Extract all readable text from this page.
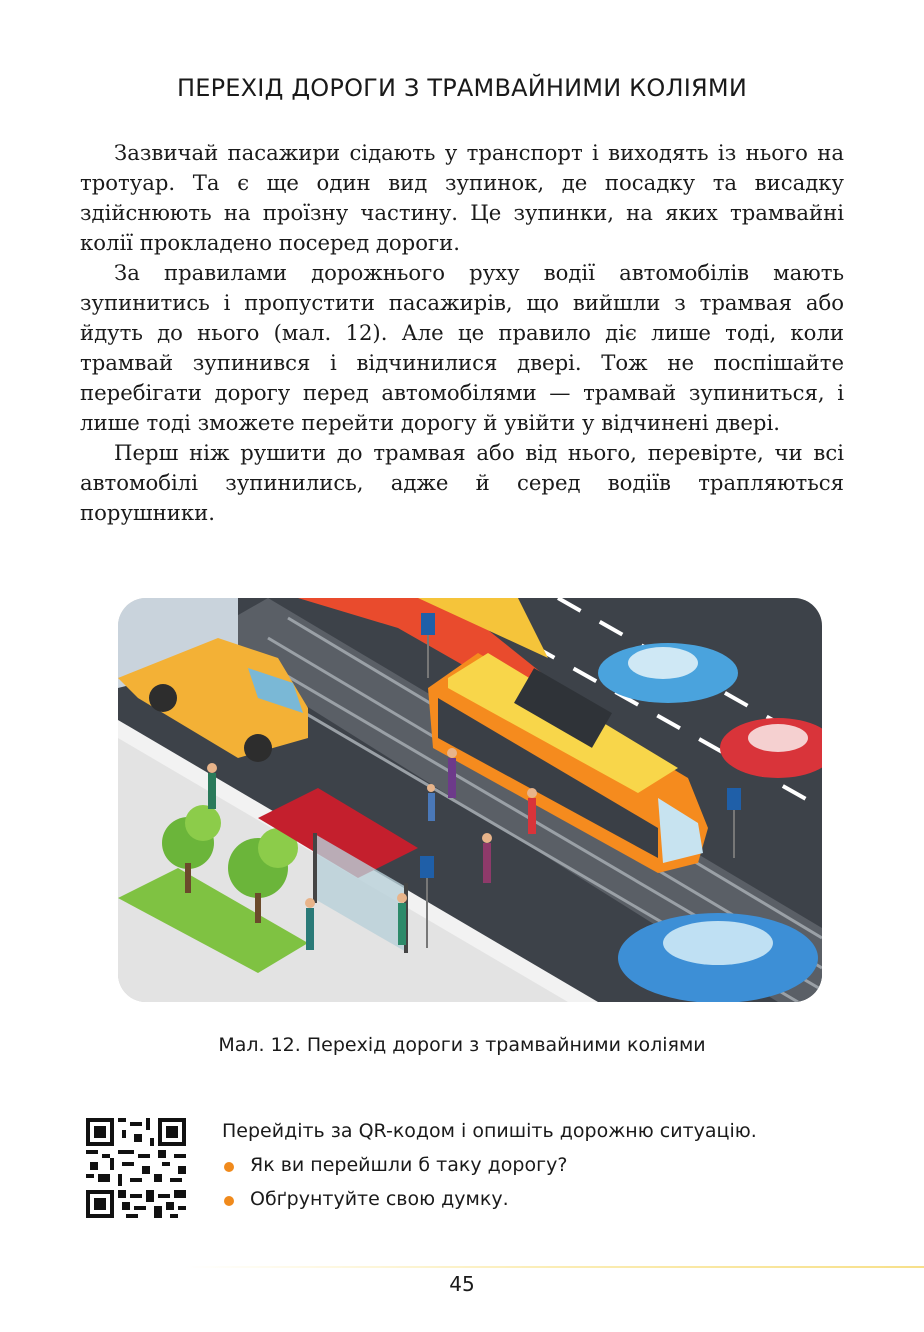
ПЕРЕХІД ДОРОГИ З ТРАМВАЙНИМИ КОЛІЯМИ

Зазвичай пасажири сідають у транспорт і виходять із нього на тротуар. Та є ще один вид зупинок, де посадку та висадку здійснюють на проїзну частину. Це зупинки, на яких трамвайні колії прокладено посеред дороги.

За правилами дорожнього руху водії автомобілів мають зупинитись і пропустити пасажирів, що вийшли з трамвая або йдуть до нього (мал. 12). Але це правило діє лише тоді, коли трамвай зупинився і відчинилися двері. Тож не поспішайте перебігати дорогу перед автомобілями — трамвай зупиниться, і лише тоді зможете перейти дорогу й увійти у відчинені двері.

Перш ніж рушити до трамвая або від нього, перевірте, чи всі автомобілі зупинились, адже й серед водіїв трапляються порушники.

Мал. 12. Перехід дороги з трамвайними коліями

Перейдіть за QR-кодом і опишіть дорожню ситуацію.

Як ви перейшли б таку дорогу?
Обґрунтуйте свою думку.
45
